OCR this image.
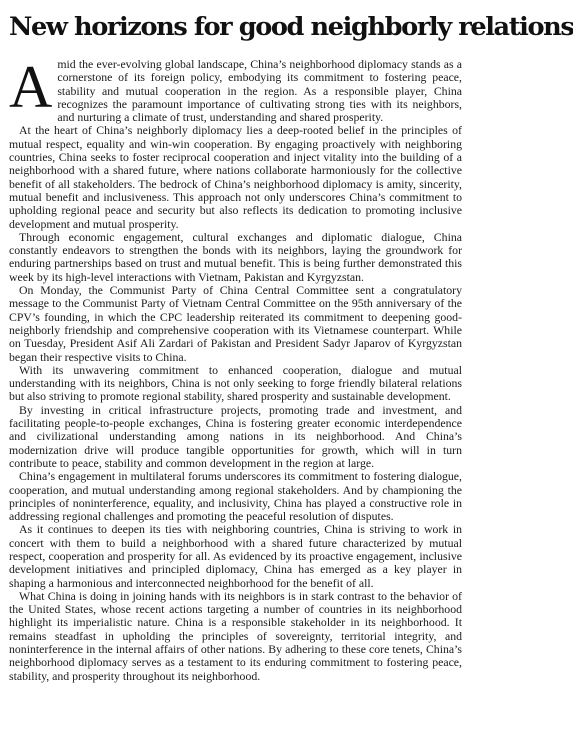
New horizons for good neighborly relations

Amid the ever-evolving global landscape, China’s neighborhood diplomacy stands as a cornerstone of its foreign policy, embodying its commitment to fostering peace, stability and mutual cooperation in the region. As a responsible player, China recognizes the paramount importance of cultivating strong ties with its neighbors, and nurturing a climate of trust, understanding and shared prosperity.

At the heart of China’s neighborly diplomacy lies a deep-rooted belief in the principles of mutual respect, equality and win-win cooperation. By engaging proactively with neighboring countries, China seeks to foster reciprocal cooperation and inject vitality into the building of a neighborhood with a shared future, where nations collaborate harmoniously for the collective benefit of all stakeholders. The bedrock of China’s neighborhood diplomacy is amity, sincerity, mutual benefit and inclusiveness. This approach not only underscores China’s commitment to upholding regional peace and security but also reflects its dedication to promoting inclusive development and mutual prosperity.

Through economic engagement, cultural exchanges and diplomatic dialogue, China constantly endeavors to strengthen the bonds with its neighbors, laying the groundwork for enduring partnerships based on trust and mutual benefit. This is being further demonstrated this week by its high-level interactions with Vietnam, Pakistan and Kyrgyzstan.

On Monday, the Communist Party of China Central Committee sent a congratulatory message to the Communist Party of Vietnam Central Committee on the 95th anniversary of the CPV’s founding, in which the CPC leadership reiterated its commitment to deepening good-neighborly friendship and comprehensive cooperation with its Vietnamese counterpart. While on Tuesday, President Asif Ali Zardari of Pakistan and President Sadyr Japarov of Kyrgyzstan began their respective visits to China.

With its unwavering commitment to enhanced cooperation, dialogue and mutual understanding with its neighbors, China is not only seeking to forge friendly bilateral relations but also striving to promote regional stability, shared prosperity and sustainable development.

By investing in critical infrastructure projects, promoting trade and investment, and facilitating people-to-people exchanges, China is fostering greater economic interdependence and civilizational understanding among nations in its neighborhood. And China’s modernization drive will produce tangible opportunities for growth, which will in turn contribute to peace, stability and common development in the region at large.

China’s engagement in multilateral forums underscores its commitment to fostering dialogue, cooperation, and mutual understanding among regional stakeholders. And by championing the principles of noninterference, equality, and inclusivity, China has played a constructive role in addressing regional challenges and promoting the peaceful resolution of disputes.

As it continues to deepen its ties with neighboring countries, China is striving to work in concert with them to build a neighborhood with a shared future characterized by mutual respect, cooperation and prosperity for all. As evidenced by its proactive engagement, inclusive development initiatives and principled diplomacy, China has emerged as a key player in shaping a harmonious and interconnected neighborhood for the benefit of all.

What China is doing in joining hands with its neighbors is in stark contrast to the behavior of the United States, whose recent actions targeting a number of countries in its neighborhood highlight its imperialistic nature. China is a responsible stakeholder in its neighborhood. It remains steadfast in upholding the principles of sovereignty, territorial integrity, and noninterference in the internal affairs of other nations. By adhering to these core tenets, China’s neighborhood diplomacy serves as a testament to its enduring commitment to fostering peace, stability, and prosperity throughout its neighborhood.
